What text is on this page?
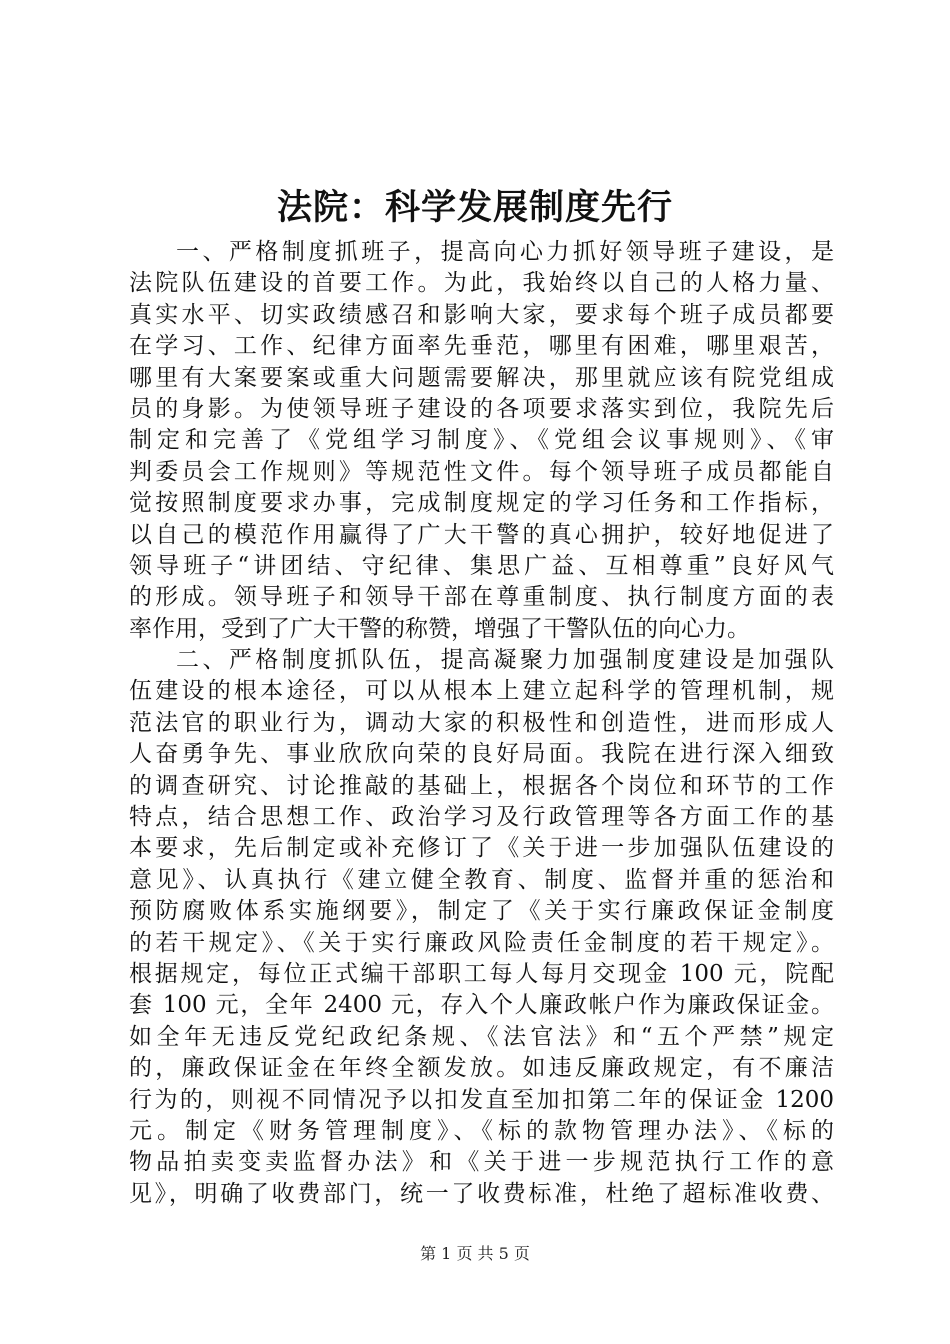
法院：科学发展制度先行
一、严格制度抓班子，提高向心力抓好领导班子建设，是
法院队伍建设的首要工作。为此，我始终以自己的人格力量、
真实水平、切实政绩感召和影响大家，要求每个班子成员都要
在学习、工作、纪律方面率先垂范，哪里有困难，哪里艰苦，
哪里有大案要案或重大问题需要解决，那里就应该有院党组成
员的身影。为使领导班子建设的各项要求落实到位，我院先后
制定和完善了《党组学习制度》、《党组会议事规则》、《审
判委员会工作规则》等规范性文件。每个领导班子成员都能自
觉按照制度要求办事，完成制度规定的学习任务和工作指标，
以自己的模范作用赢得了广大干警的真心拥护，较好地促进了
领导班子“讲团结、守纪律、集思广益、互相尊重”良好风气
的形成。领导班子和领导干部在尊重制度、执行制度方面的表
率作用，受到了广大干警的称赞，增强了干警队伍的向心力。
二、严格制度抓队伍，提高凝聚力加强制度建设是加强队
伍建设的根本途径，可以从根本上建立起科学的管理机制，规
范法官的职业行为，调动大家的积极性和创造性，进而形成人
人奋勇争先、事业欣欣向荣的良好局面。我院在进行深入细致
的调查研究、讨论推敲的基础上，根据各个岗位和环节的工作
特点，结合思想工作、政治学习及行政管理等各方面工作的基
本要求，先后制定或补充修订了《关于进一步加强队伍建设的
意见》、认真执行《建立健全教育、制度、监督并重的惩治和
预防腐败体系实施纲要》，制定了《关于实行廉政保证金制度
的若干规定》、《关于实行廉政风险责任金制度的若干规定》。
根据规定，每位正式编干部职工每人每月交现金 100 元，院配
套 100 元，全年 2400 元，存入个人廉政帐户作为廉政保证金。
如全年无违反党纪政纪条规、《法官法》和“五个严禁”规定
的，廉政保证金在年终全额发放。如违反廉政规定，有不廉洁
行为的，则视不同情况予以扣发直至加扣第二年的保证金 1200
元。制定《财务管理制度》、《标的款物管理办法》、《标的
物品拍卖变卖监督办法》和《关于进一步规范执行工作的意
见》，明确了收费部门，统一了收费标准，杜绝了超标准收费、
第 1 页 共 5 页
